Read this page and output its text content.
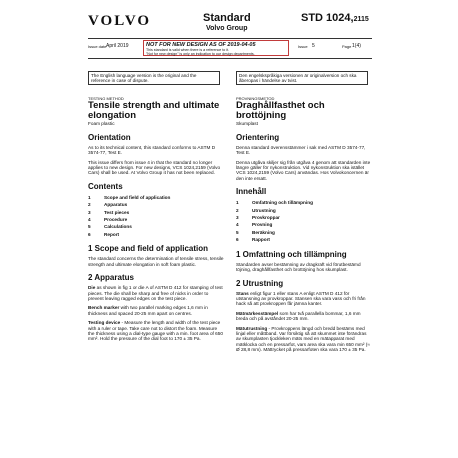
VOLVO	Standard
Volvo Group
STD 1024,2115
Issue date April 2019	NOT FOR NEW DESIGN AS OF 2019-04-05
This standard is valid when there is a reference to it.
"Not for new design" is only an indication to our design departments.
Issue 5	Page 1(4)
The English language version is the original and the reference in case of dispute.
Den engelskspråkiga versionen är originalversion och ska åberopas i händelse av tvist.

TESTING METHOD

Tensile strength and ultimate elongation

Foam plastic

Orientation

As to its technical content, this standard conforms to ASTM D 3574-77, Test E.

This issue differs from issue 4 in that the standard no longer applies to new design. For new designs, VCS 1024,2159 (Volvo Cars) shall be used. At Volvo Group it has not been replaced.

Contents
1	Scope and field of application
2	Apparatus
3	Test pieces
4	Procedure
5	Calculations
6	Report
1 Scope and field of application

The standard concerns the determination of tensile stress, tensile strength and ultimate elongation in soft foam plastic.

2 Apparatus

Die as shown in fig 1 or die A of ASTM D 412 for stamping of test pieces. The die shall be sharp and free of nicks in order to prevent leaving ragged edges on the test piece.

Bench marker with two parallel marking edges 1,6 mm in thickness and spaced 20-25 mm apart on centres.

Testing device - Measure the length and width of the test piece with a ruler or tape. Take care not to distort the foam. Measure the thickness using a dial-type gauge with a min. foot area of 650 mm². Hold the pressure of the dial foot to 170 ± 35 Pa.

PROVNINGSMETOD

Draghållfasthet och brottöjning

Skumplast

Orientering

Denna standard överensstämmer i sak med ASTM D 3574-77, Test E.

Denna utgåva skiljer sig från utgåva 4 genom att standarden inte längre gäller för nykonstruktion. Vid nykonstruktion ska istället VCS 1024,2159 (Volvo Cars) användas. Hos Volvokoncernen är den inte ersatt.

Innehåll
1	Omfattning och tillämpning
2	Utrustning
3	Provkroppar
4	Provning
5	Beräkning
6	Rapport
1 Omfattning och tillämpning

Standarden avser bestämning av dragkraft vid förutbestämd töjning, draghållfasthet och brottöjning hos skumplast.

2 Utrustning

Stans enligt figur 1 eller stans A enligt ASTM D 412 för utstansning av provkroppar. Stansen ska vara vass och fri från hack så att provkroppen får jämna kanter.

Mätmärkesstämpel som har två parallella bommar, 1,6 mm breda och på avståndet 20-25 mm.

Mätutrustning - Provkroppens längd och bredd bestäms med linjal eller måttband. Var försiktig så att skummet inte förändras av skumplasten tjockleken mäts med en mätapparat med mätklocka och en pressarfot, vars area ska vara min 650 mm² (≈ Ø 28,8 mm). Mättrycket på pressarfoten ska vara 170 ± 35 Pa.
